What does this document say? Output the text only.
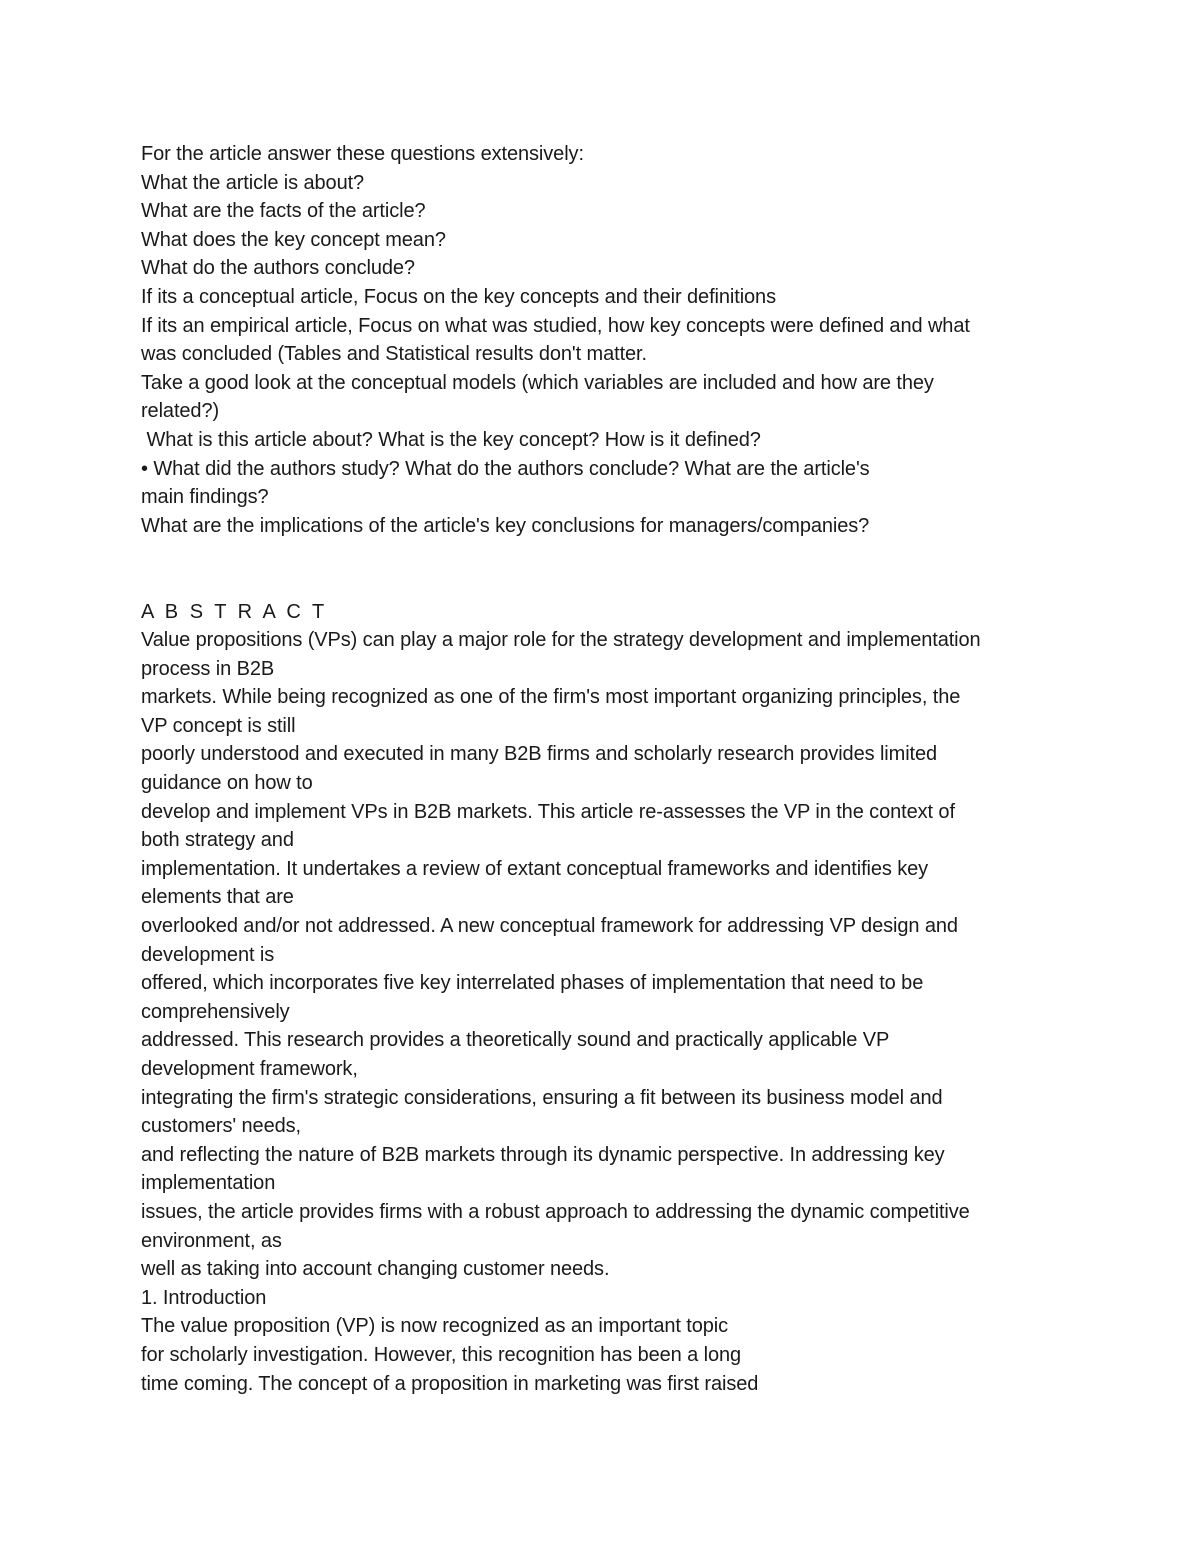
For the article answer these questions extensively:
What the article is about?
What are the facts of the article?
What does the key concept mean?
What do the authors conclude?
If its a conceptual article, Focus on the key concepts and their definitions
If its an empirical article, Focus on what was studied, how key concepts were defined and what
was concluded (Tables and Statistical results don't matter.
Take a good look at the conceptual models (which variables are included and how are they
related?)
What is this article about? What is the key concept? How is it defined?
• What did the authors study? What do the authors conclude? What are the article's
main findings?
What are the implications of the article's key conclusions for managers/companies?
A B S T R A C T
Value propositions (VPs) can play a major role for the strategy development and implementation
process in B2B
markets. While being recognized as one of the firm's most important organizing principles, the
VP concept is still
poorly understood and executed in many B2B firms and scholarly research provides limited
guidance on how to
develop and implement VPs in B2B markets. This article re-assesses the VP in the context of
both strategy and
implementation. It undertakes a review of extant conceptual frameworks and identifies key
elements that are
overlooked and/or not addressed. A new conceptual framework for addressing VP design and
development is
offered, which incorporates five key interrelated phases of implementation that need to be
comprehensively
addressed. This research provides a theoretically sound and practically applicable VP
development framework,
integrating the firm's strategic considerations, ensuring a fit between its business model and
customers' needs,
and reflecting the nature of B2B markets through its dynamic perspective. In addressing key
implementation
issues, the article provides firms with a robust approach to addressing the dynamic competitive
environment, as
well as taking into account changing customer needs.
1. Introduction
The value proposition (VP) is now recognized as an important topic
for scholarly investigation. However, this recognition has been a long
time coming. The concept of a proposition in marketing was first raised
